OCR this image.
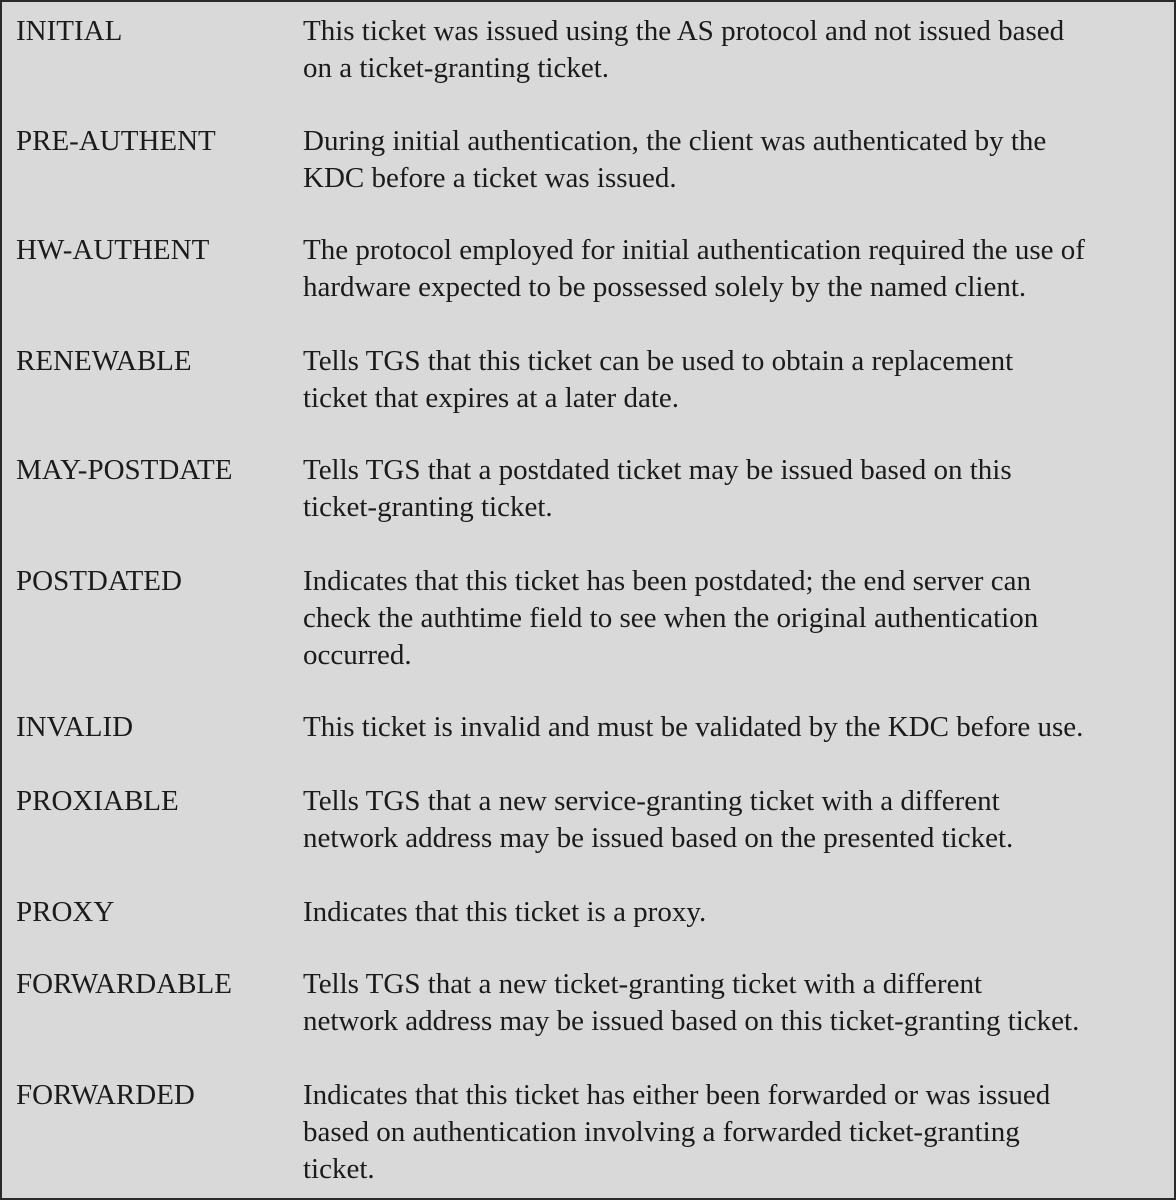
INITIAL	This ticket was issued using the AS protocol and not issued based
on a ticket-granting ticket.
PRE-AUTHENT	During initial authentication, the client was authenticated by the
KDC before a ticket was issued.
HW-AUTHENT	The protocol employed for initial authentication required the use of
hardware expected to be possessed solely by the named client.
RENEWABLE	Tells TGS that this ticket can be used to obtain a replacement
ticket that expires at a later date.
MAY-POSTDATE	Tells TGS that a postdated ticket may be issued based on this
ticket-granting ticket.
POSTDATED	Indicates that this ticket has been postdated; the end server can
check the authtime field to see when the original authentication
occurred.
INVALID	This ticket is invalid and must be validated by the KDC before use.
PROXIABLE	Tells TGS that a new service-granting ticket with a different
network address may be issued based on the presented ticket.
PROXY	Indicates that this ticket is a proxy.
FORWARDABLE	Tells TGS that a new ticket-granting ticket with a different
network address may be issued based on this ticket-granting ticket.
FORWARDED	Indicates that this ticket has either been forwarded or was issued
based on authentication involving a forwarded ticket-granting
ticket.
